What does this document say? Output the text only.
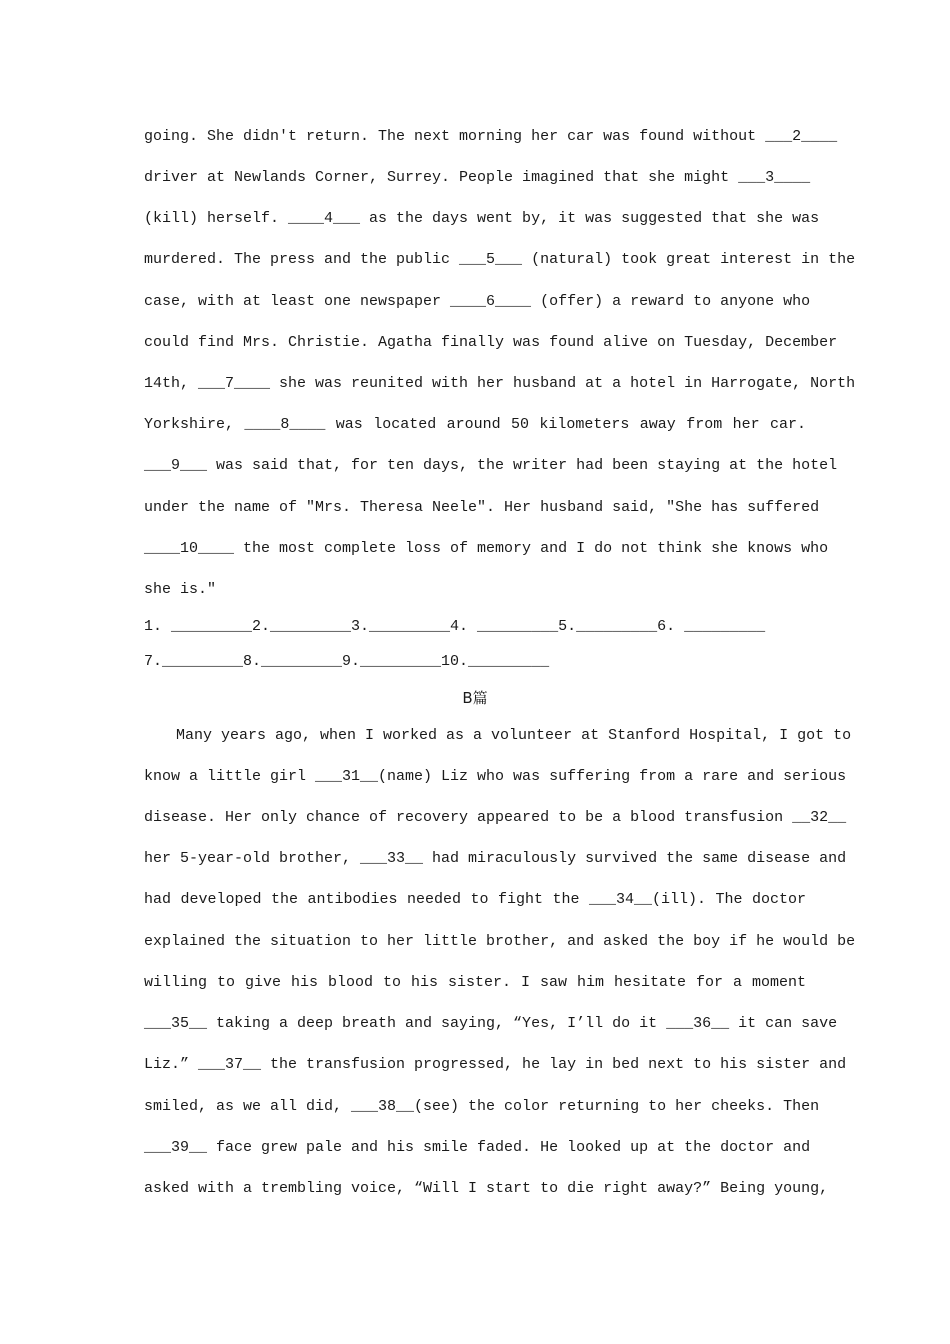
going. She didn't return. The next morning her car was found without ___2____
driver at Newlands Corner, Surrey. People imagined that she might ___3____
(kill) herself. ____4___ as the days went by, it was suggested that she was
murdered. The press and the public ___5___ (natural) took great interest in the
case, with at least one newspaper ____6____ (offer) a reward to anyone who
could find Mrs. Christie. Agatha finally was found alive on Tuesday, December
14th, ___7____ she was reunited with her husband at a hotel in Harrogate, North
Yorkshire, ____8____ was located around 50 kilometers away from her car.
___9___ was said that, for ten days, the writer had been staying at the hotel
under the name of "Mrs. Theresa Neele". Her husband said, "She has suffered
____10____ the most complete loss of memory and I do not think she knows who
she is."
1. _________2._________3._________4. _________5._________6. _________
7._________8._________9._________10._________
B篇
Many years ago, when I worked as a volunteer at Stanford Hospital, I got to
know a little girl ___31__(name) Liz who was suffering from a rare and serious
disease. Her only chance of recovery appeared to be a blood transfusion __32__
her 5-year-old brother, ___33__ had miraculously survived the same disease and
had developed the antibodies needed to fight the ___34__(ill). The doctor
explained the situation to her little brother, and asked the boy if he would be
willing to give his blood to his sister. I saw him hesitate for a moment
___35__ taking a deep breath and saying, “Yes, I’ll do it ___36__ it can save
Liz.” ___37__ the transfusion progressed, he lay in bed next to his sister and
smiled, as we all did, ___38__(see) the color returning to her cheeks. Then
___39__ face grew pale and his smile faded. He looked up at the doctor and
asked with a trembling voice, “Will I start to die right away?” Being young,
